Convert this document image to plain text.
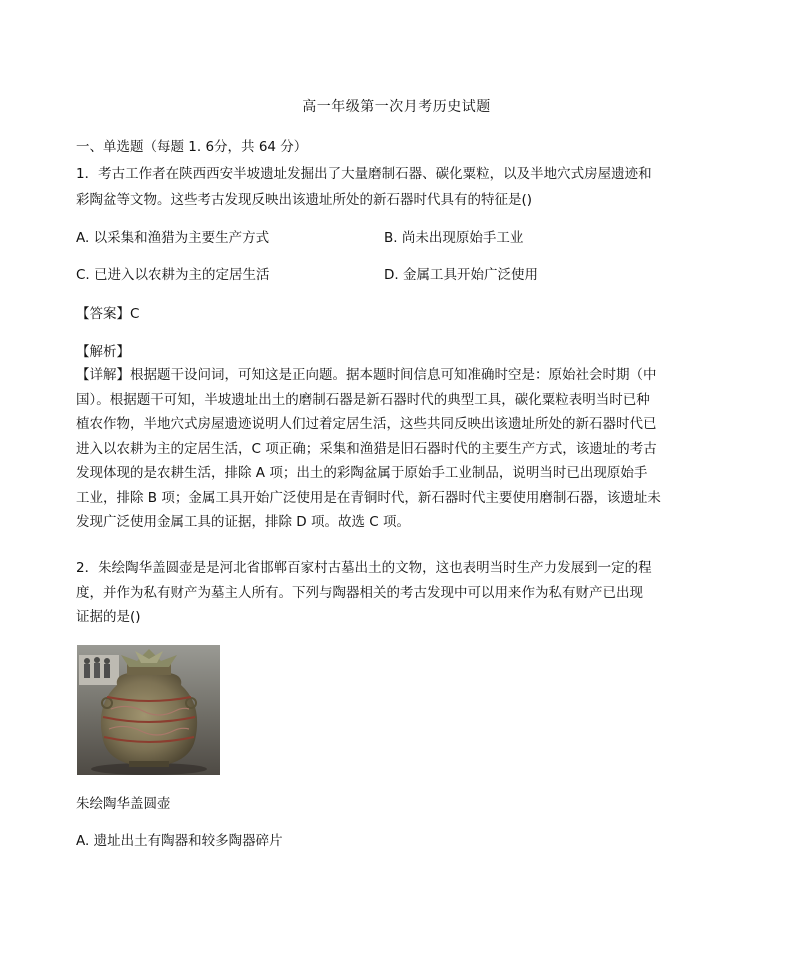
高一年级第一次月考历史试题
一、单选题（每题 1. 6分，共 64 分）
1．考古工作者在陕西西安半坡遗址发掘出了大量磨制石器、碳化粟粒，以及半地穴式房屋遗迹和
彩陶盆等文物。这些考古发现反映出该遗址所处的新石器时代具有的特征是()
A. 以采集和渔猎为主要生产方式	B. 尚未出现原始手工业
C. 已进入以农耕为主的定居生活	D. 金属工具开始广泛使用
【答案】C
【解析】
【详解】根据题干设问词，可知这是正向题。据本题时间信息可知准确时空是：原始社会时期（中
国）。根据题干可知，半坡遗址出土的磨制石器是新石器时代的典型工具，碳化粟粒表明当时已种
植农作物，半地穴式房屋遗迹说明人们过着定居生活，这些共同反映出该遗址所处的新石器时代已
进入以农耕为主的定居生活，C 项正确；采集和渔猎是旧石器时代的主要生产方式，该遗址的考古
发现体现的是农耕生活，排除 A 项；出土的彩陶盆属于原始手工业制品，说明当时已出现原始手
工业，排除 B 项；金属工具开始广泛使用是在青铜时代，新石器时代主要使用磨制石器，该遗址未
发现广泛使用金属工具的证据，排除 D 项。故选 C 项。
2．朱绘陶华盖圆壶是是河北省邯郸百家村古墓出土的文物，这也表明当时生产力发展到一定的程
度，并作为私有财产为墓主人所有。下列与陶器相关的考古发现中可以用来作为私有财产已出现
证据的是()
朱绘陶华盖圆壶
A. 遗址出土有陶器和较多陶器碎片
